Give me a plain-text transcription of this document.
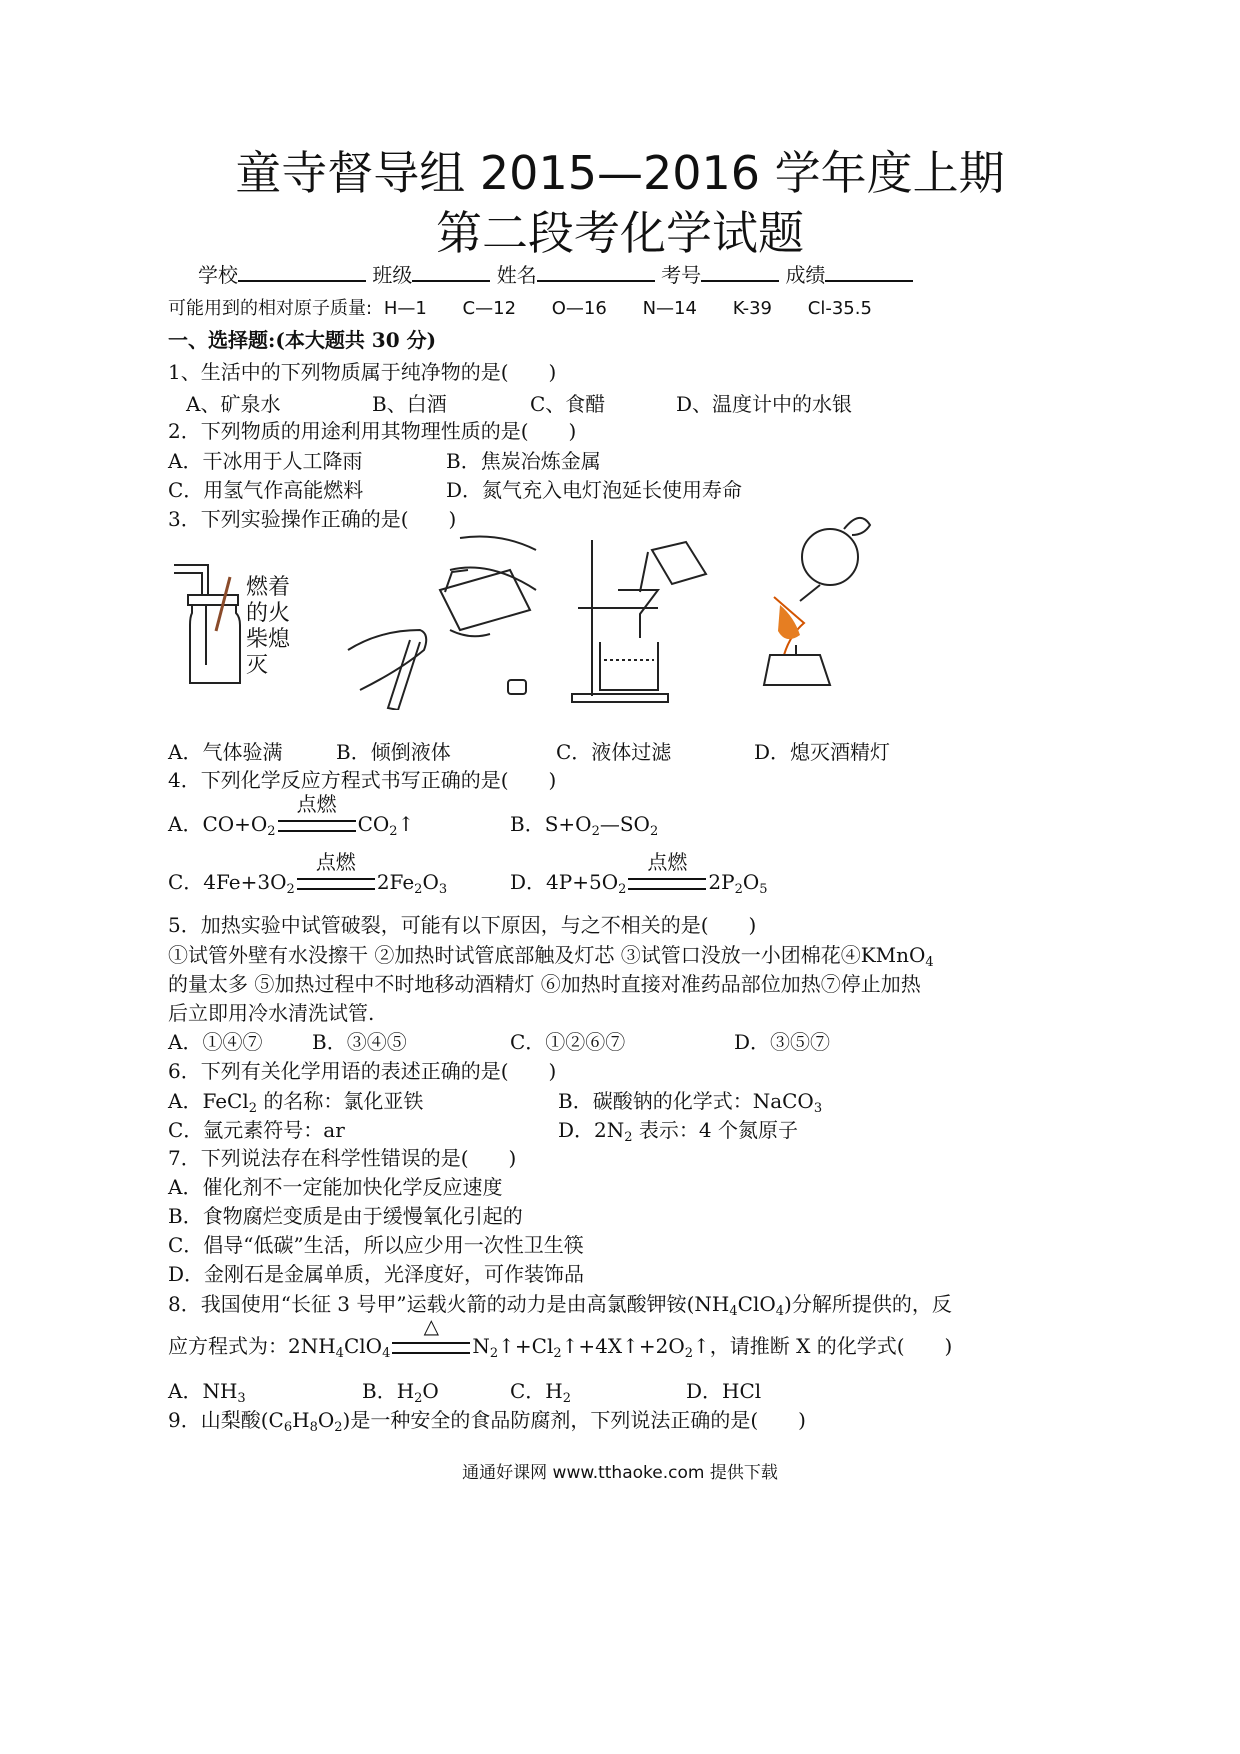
童寺督导组 2015—2016 学年度上期
第二段考化学试题
学校	班级	姓名	考号	成绩
可能用到的相对原子质量: H—1 C—12 O—16 N—14 K-39 Cl-35.5
一、选择题:(本大题共 30 分)
1、生活中的下列物质属于纯净物的是(　　)
A、矿泉水	B、白酒	C、食醋	D、温度计中的水银
2．下列物质的用途利用其物理性质的是(　　)
A．干冰用于人工降雨	B．焦炭冶炼金属
C．用氢气作高能燃料	D．氮气充入电灯泡延长使用寿命
3．下列实验操作正确的是(　　)
燃着
的火
柴熄
灭
A．气体验满	B．倾倒液体	C．液体过滤	D．熄灭酒精灯
4．下列化学反应方程式书写正确的是(　　)
A．$CO+O_2$
点燃
$CO_2↑$	B．$S+O_2—SO_2$
C．$4Fe+3O_2$
点燃
$2Fe_2O_3$	D．$4P+5O_2$
点燃
$2P_2O_5$
5．加热实验中试管破裂，可能有以下原因，与之不相关的是(　　)
①试管外壁有水没擦干 ②加热时试管底部触及灯芯 ③试管口没放一小团棉花④KMnO$_4$
的量太多 ⑤加热过程中不时地移动酒精灯 ⑥加热时直接对准药品部位加热⑦停止加热
后立即用冷水清洗试管.
A．①④⑦ B．③④⑤	C．①②⑥⑦	D．③⑤⑦
6．下列有关化学用语的表述正确的是(　　)
A．FeCl$_2$ 的名称：氯化亚铁	B．碳酸钠的化学式：NaCO$_3$
C．氩元素符号：ar	D．$2N_2$ 表示：4 个氮原子
7．下列说法存在科学性错误的是(　　)
A．催化剂不一定能加快化学反应速度
B．食物腐烂变质是由于缓慢氧化引起的
C．倡导“低碳”生活，所以应少用一次性卫生筷
D．金刚石是金属单质，光泽度好，可作装饰品
8．我国使用“长征 3 号甲”运载火箭的动力是由高氯酸钾铵$(NH_4ClO_4)$分解所提供的，反
应方程式为：$2NH_4ClO_4$
△
$N_2↑+Cl_2↑+4X↑+2O_2↑$，请推断 X 的化学式(　　)
A．$NH_3$	B．$H_2O$	C．$H_2$	D．HCl
9．山梨酸$(C_6H_8O_2)$是一种安全的食品防腐剂，下列说法正确的是(　　)
通通好课网 www.tthaoke.com 提供下载
